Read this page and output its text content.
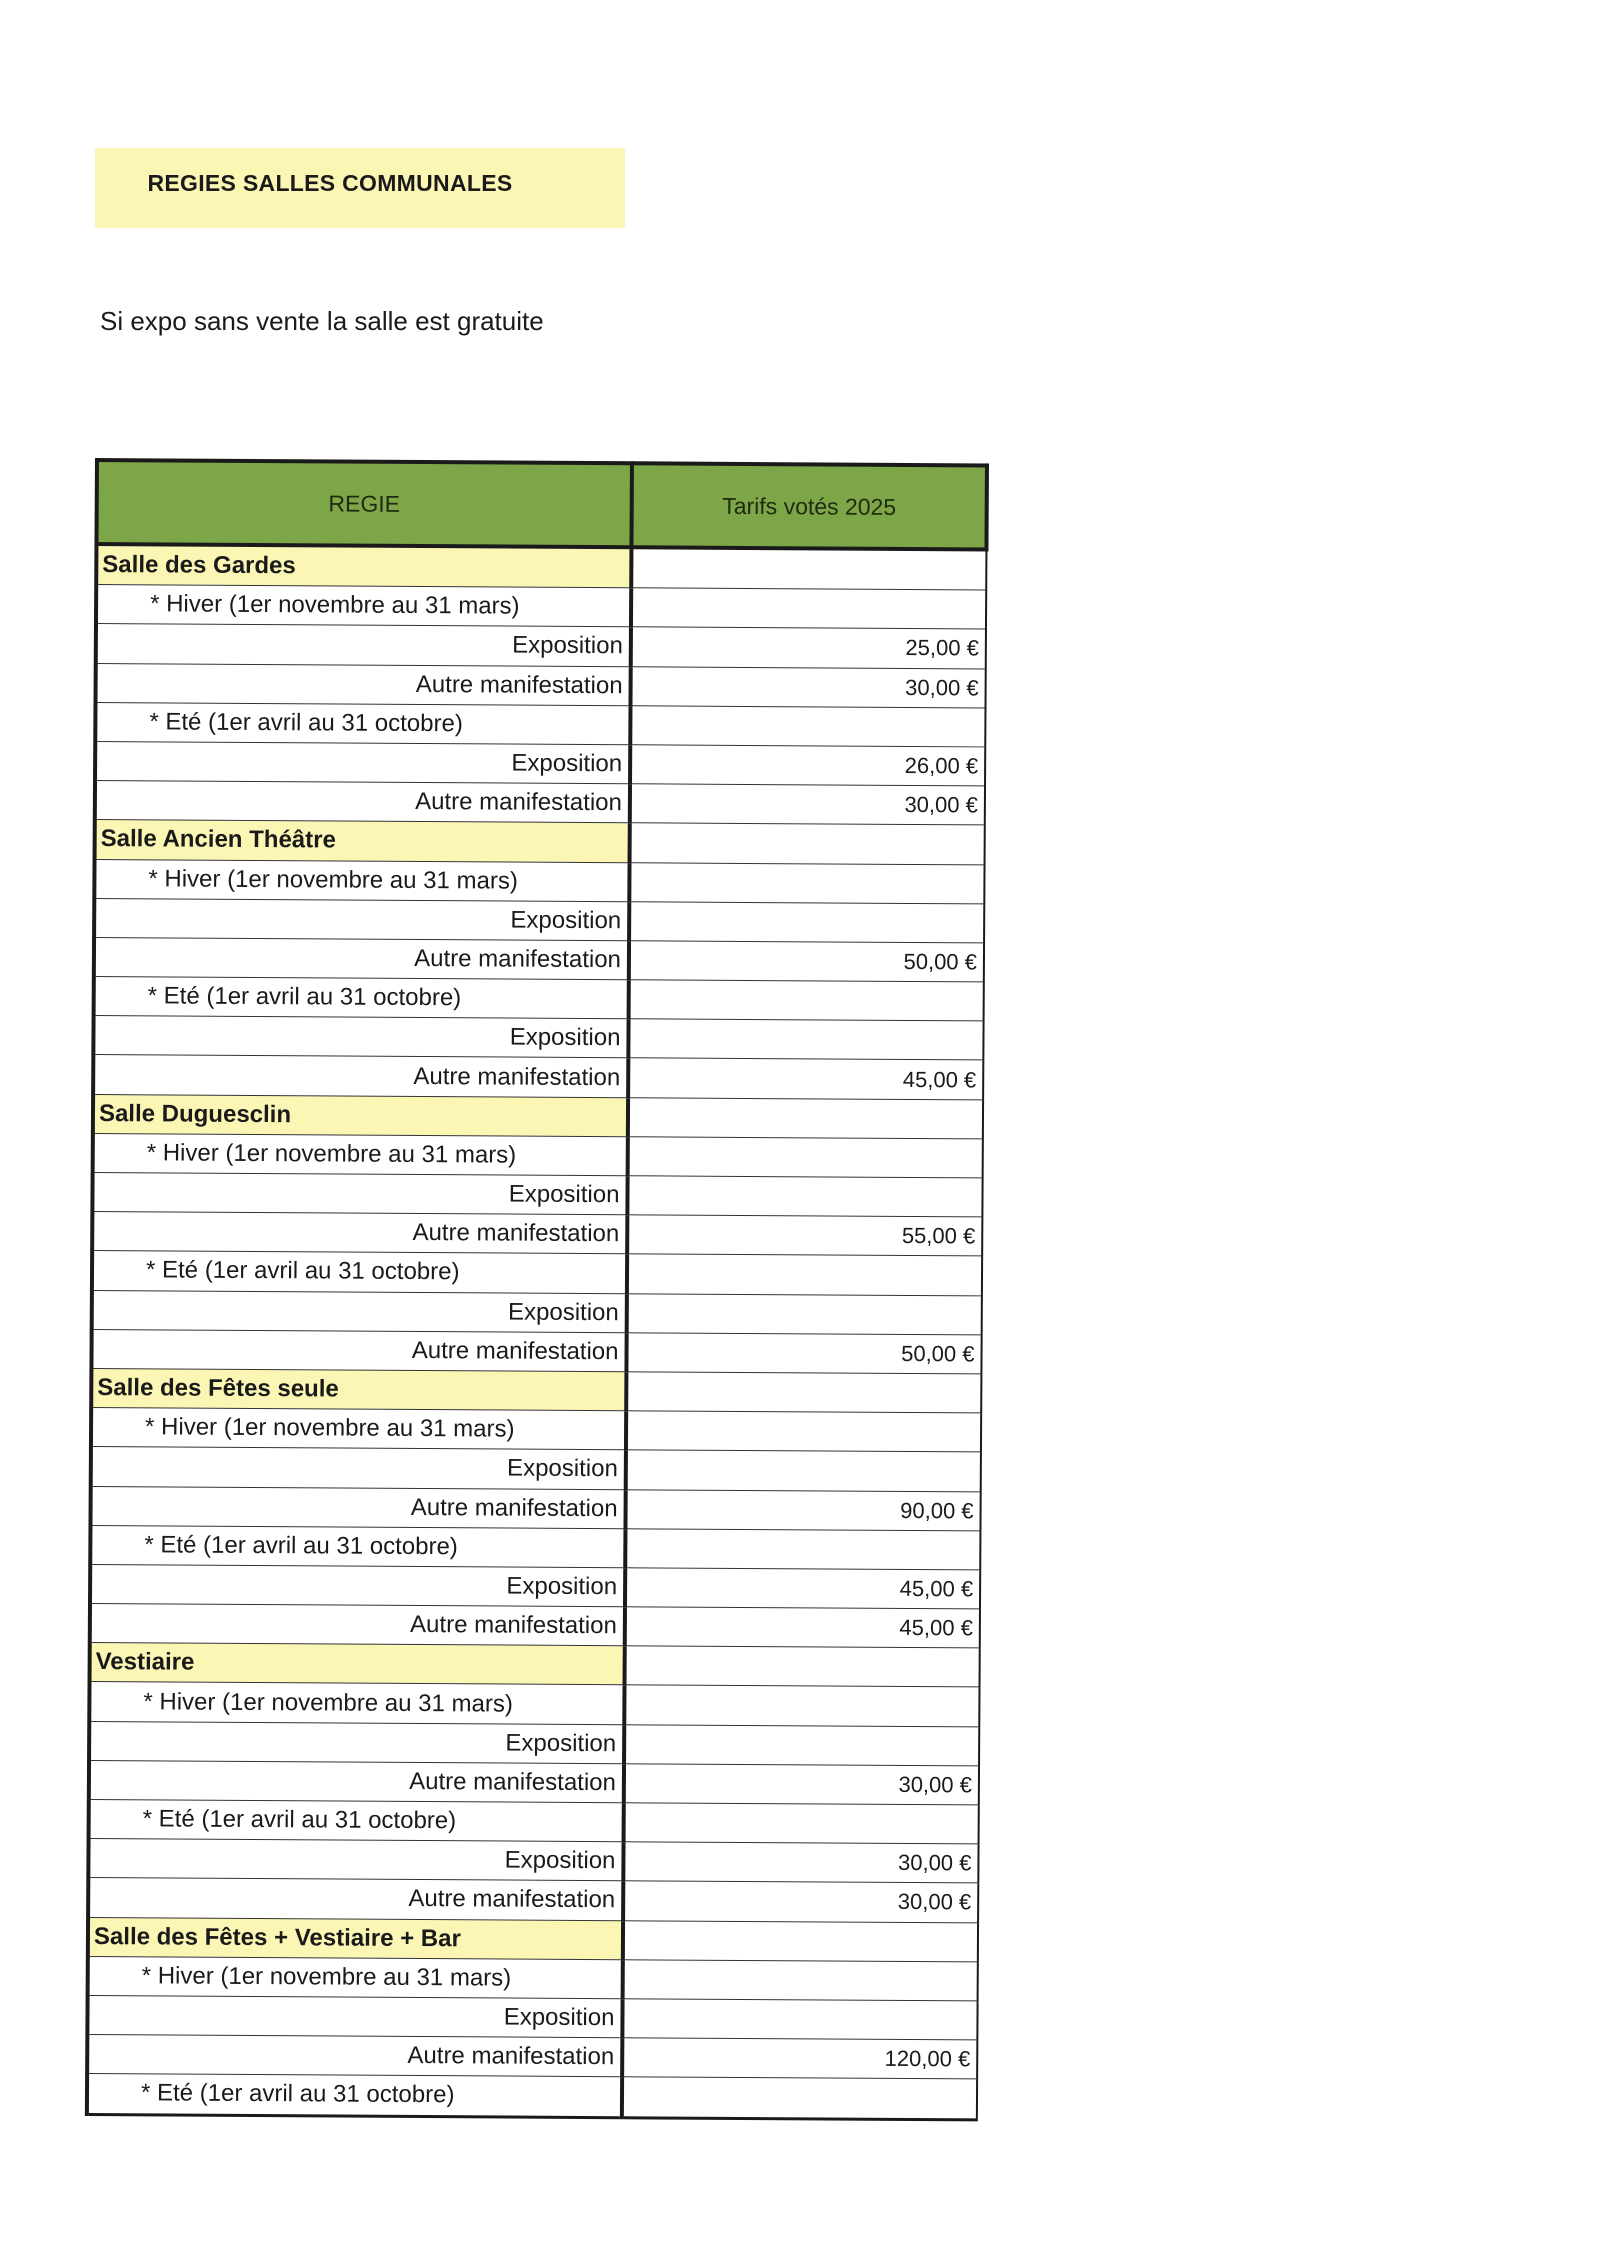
REGIES SALLES COMMUNALES
Si expo sans vente la salle est gratuite
REGIE	Tarifs votés 2025
Salle des Gardes	
* Hiver (1er novembre au 31 mars)	
Exposition	25,00 €
Autre manifestation	30,00 €
* Eté (1er avril au 31 octobre)	
Exposition	26,00 €
Autre manifestation	30,00 €
Salle Ancien Théâtre	
* Hiver (1er novembre au 31 mars)	
Exposition	
Autre manifestation	50,00 €
* Eté (1er avril au 31 octobre)	
Exposition	
Autre manifestation	45,00 €
Salle Duguesclin	
* Hiver (1er novembre au 31 mars)	
Exposition	
Autre manifestation	55,00 €
* Eté (1er avril au 31 octobre)	
Exposition	
Autre manifestation	50,00 €
Salle des Fêtes seule	
* Hiver (1er novembre au 31 mars)	
Exposition	
Autre manifestation	90,00 €
* Eté (1er avril au 31 octobre)	
Exposition	45,00 €
Autre manifestation	45,00 €
Vestiaire	
* Hiver (1er novembre au 31 mars)	
Exposition	
Autre manifestation	30,00 €
* Eté (1er avril au 31 octobre)	
Exposition	30,00 €
Autre manifestation	30,00 €
Salle des Fêtes + Vestiaire + Bar	
* Hiver (1er novembre au 31 mars)	
Exposition	
Autre manifestation	120,00 €
* Eté (1er avril au 31 octobre)	
